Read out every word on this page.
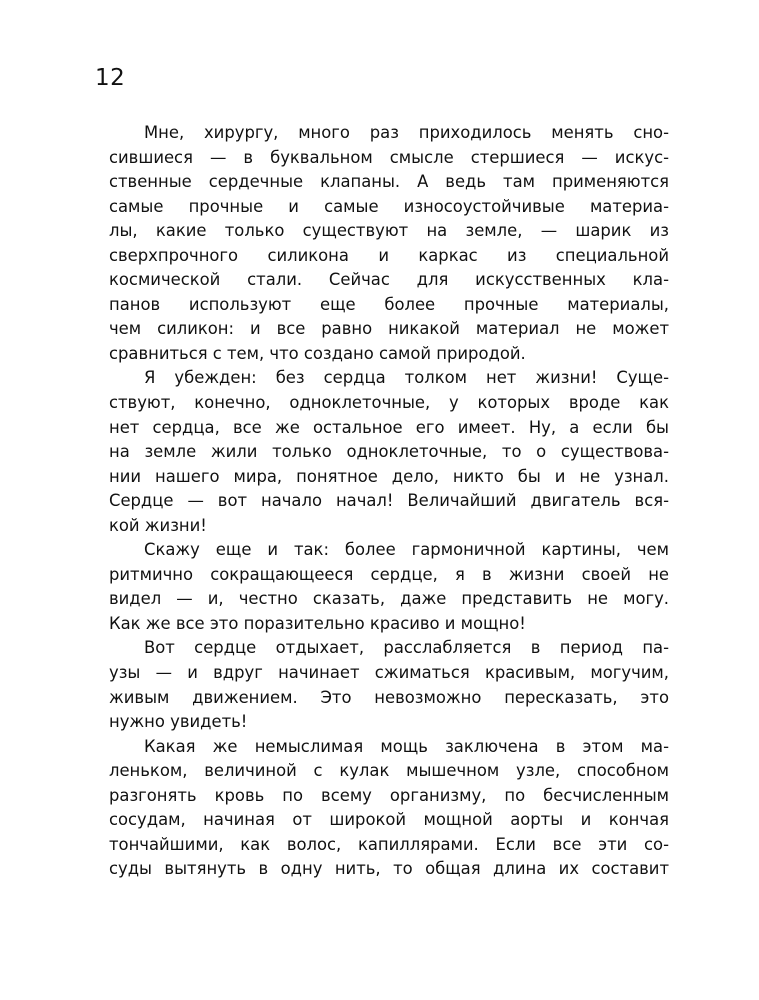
12
Мне, хирургу, много раз приходилось менять сно-
сившиеся — в буквальном смысле стершиеся — искус-
ственные сердечные клапаны. А ведь там применяются
самые прочные и самые износоустойчивые материа-
лы, какие только существуют на земле, — шарик из
сверхпрочного силикона и каркас из специальной
космической стали. Сейчас для искусственных кла-
панов используют еще более прочные материалы,
чем силикон: и все равно никакой материал не может
сравниться с тем, что создано самой природой.
Я убежден: без сердца толком нет жизни! Суще-
ствуют, конечно, одноклеточные, у которых вроде как
нет сердца, все же остальное его имеет. Ну, а если бы
на земле жили только одноклеточные, то о существова-
нии нашего мира, понятное дело, никто бы и не узнал.
Сердце — вот начало начал! Величайший двигатель вся-
кой жизни!
Скажу еще и так: более гармоничной картины, чем
ритмично сокращающееся сердце, я в жизни своей не
видел — и, честно сказать, даже представить не могу.
Как же все это поразительно красиво и мощно!
Вот сердце отдыхает, расслабляется в период па-
узы — и вдруг начинает сжиматься красивым, могучим,
живым движением. Это невозможно пересказать, это
нужно увидеть!
Какая же немыслимая мощь заключена в этом ма-
леньком, величиной с кулак мышечном узле, способном
разгонять кровь по всему организму, по бесчисленным
сосудам, начиная от широкой мощной аорты и кончая
тончайшими, как волос, капиллярами. Если все эти со-
суды вытянуть в одну нить, то общая длина их составит
